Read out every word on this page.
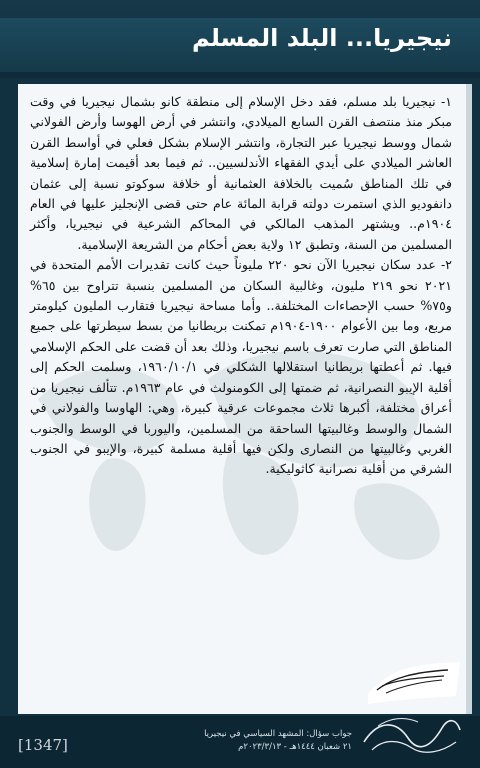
نيجيريا... البلد المسلم

١- نيجيريا بلد مسلم، فقد دخل الإسلام إلى منطقة كانو بشمال نيجيريا في وقت مبكر منذ منتصف القرن السابع الميلادي، وانتشر في أرض الهوسا وأرض الفولاني شمال ووسط نيجيريا عبر التجارة، وانتشر الإسلام بشكل فعلي في أواسط القرن العاشر الميلادي على أيدي الفقهاء الأندلسيين.. ثم فيما بعد أقيمت إمارة إسلامية في تلك المناطق سُميت بالخلافة العثمانية أو خلافة سوكوتو نسبة إلى عثمان دانفوديو الذي استمرت دولته قرابة المائة عام حتى قضى الإنجليز عليها في العام ١٩٠٤م.. ويشتهر المذهب المالكي في المحاكم الشرعية في نيجيريا، وأكثر المسلمين من السنة، وتطبق ١٢ ولاية بعض أحكام من الشريعة الإسلامية.

٢- عدد سكان نيجيريا الآن نحو ٢٢٠ مليوناً حيث كانت تقديرات الأمم المتحدة في ٢٠٢١ نحو ٢١٩ مليون، وغالبية السكان من المسلمين بنسبة تتراوح بين ٦٥% و٧٥% حسب الإحصاءات المختلفة.. وأما مساحة نيجيريا فتقارب المليون كيلومتر مربع، وما بين الأعوام ١٩٠٠-١٩٠٤م تمكنت بريطانيا من بسط سيطرتها على جميع المناطق التي صارت تعرف باسم نيجيريا، وذلك بعد أن قضت على الحكم الإسلامي فيها. ثم أعطتها بريطانيا استقلالها الشكلي في ١٩٦٠/١٠/١، وسلمت الحكم إلى أقلية الإيبو النصرانية، ثم ضمتها إلى الكومنولث في عام ١٩٦٣م. تتألف نيجيريا من أعراق مختلفة، أكبرها ثلاث مجموعات عرقية كبيرة، وهي: الهاوسا والفولاني في الشمال والوسط وغالبيتها الساحقة من المسلمين، واليوربا في الوسط والجنوب الغربي وغالبيتها من النصارى ولكن فيها أقلية مسلمة كبيرة، والإيبو في الجنوب الشرقي من أقلية نصرانية كاثوليكية.

[1347]
جواب سؤال: المشهد السياسي في نيجيريا
٢١ شعبان ١٤٤٤هـ - ٢٠٢٣/٣/١٣م
